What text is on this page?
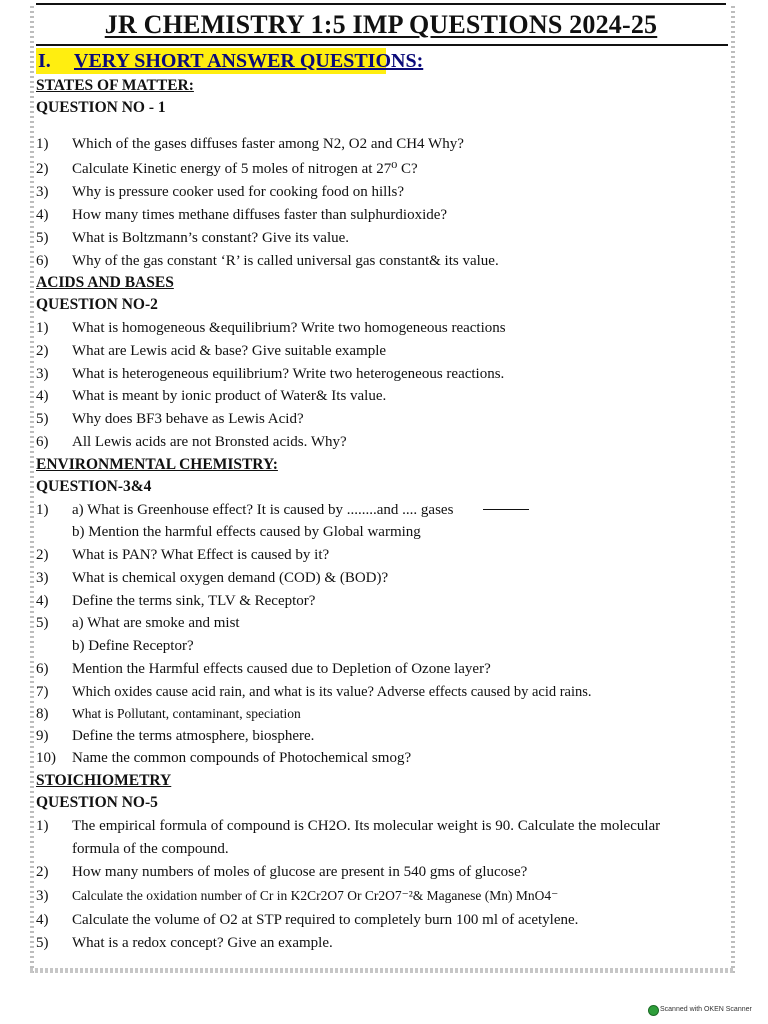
JR CHEMISTRY 1:5 IMP QUESTIONS 2024-25
I. VERY SHORT ANSWER QUESTIONS:
STATES OF MATTER:
QUESTION NO - 1
1) Which of the gases diffuses faster among N2, O2 and CH4 Why?
2) Calculate Kinetic energy of 5 moles of nitrogen at 27⁰ C?
3) Why is pressure cooker used for cooking food on hills?
4) How many times methane diffuses faster than sulphurdioxide?
5) What is Boltzmann’s constant? Give its value.
6) Why of the gas constant ‘R’ is called universal gas constant& its value.
ACIDS AND BASES
QUESTION NO-2
1) What is homogeneous &equilibrium? Write two homogeneous reactions
2) What are Lewis acid & base? Give suitable example
3) What is heterogeneous equilibrium? Write two heterogeneous reactions.
4) What is meant by ionic product of Water& Its value.
5) Why does BF3 behave as Lewis Acid?
6) All Lewis acids are not Bronsted acids. Why?
ENVIRONMENTAL CHEMISTRY:
QUESTION-3&4
1) a) What is Greenhouse effect? It is caused by ........and .... gases
b) Mention the harmful effects caused by Global warming
2) What is PAN? What Effect is caused by it?
3) What is chemical oxygen demand (COD) & (BOD)?
4) Define the terms sink, TLV & Receptor?
5) a) What are smoke and mist
b) Define Receptor?
6) Mention the Harmful effects caused due to Depletion of Ozone layer?
7) Which oxides cause acid rain, and what is its value? Adverse effects caused by acid rains.
8) What is Pollutant, contaminant, speciation
9) Define the terms atmosphere, biosphere.
10) Name the common compounds of Photochemical smog?
STOICHIOMETRY
QUESTION NO-5
1) The empirical formula of compound is CH2O. Its molecular weight is 90. Calculate the molecular
formula of the compound.
2) How many numbers of moles of glucose are present in 540 gms of glucose?
3) Calculate the oxidation number of Cr in K2Cr2O7 Or Cr2O7⁻²& Maganese (Mn) MnO4⁻
4) Calculate the volume of O2 at STP required to completely burn 100 ml of acetylene.
5) What is a redox concept? Give an example.
Scanned with OKEN Scanner
